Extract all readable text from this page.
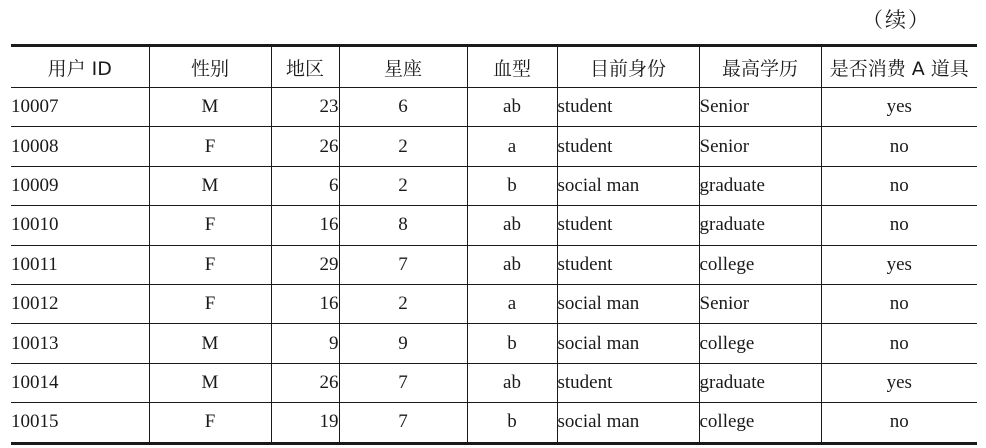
（续）
用户 ID	性别	地区	星座	血型	目前身份	最高学历	是否消费 A 道具
10007	M	23	6	ab	student	Senior	yes
10008	F	26	2	a	student	Senior	no
10009	M	6	2	b	social man	graduate	no
10010	F	16	8	ab	student	graduate	no
10011	F	29	7	ab	student	college	yes
10012	F	16	2	a	social man	Senior	no
10013	M	9	9	b	social man	college	no
10014	M	26	7	ab	student	graduate	yes
10015	F	19	7	b	social man	college	no
